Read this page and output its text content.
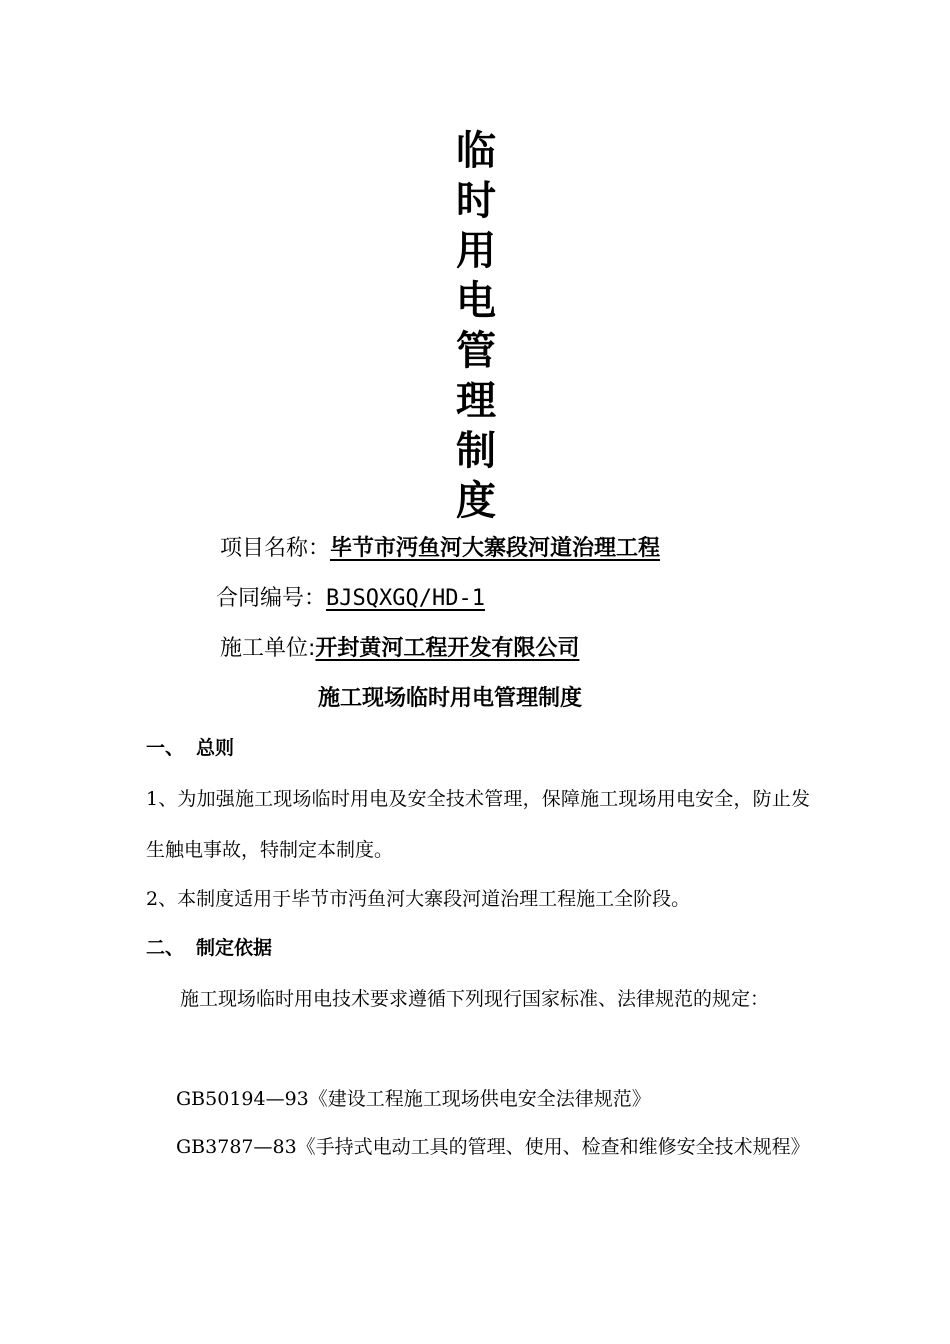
临
时
用
电
管
理
制
度
项目名称：毕节市沔鱼河大寨段河道治理工程
合同编号：BJSQXGQ/HD-1
施工单位:开封黄河工程开发有限公司
施工现场临时用电管理制度
一、 总则
1、为加强施工现场临时用电及安全技术管理，保障施工现场用电安全，防止发生触电事故，特制定本制度。
2、本制度适用于毕节市沔鱼河大寨段河道治理工程施工全阶段。
二、 制定依据
施工现场临时用电技术要求遵循下列现行国家标准、法律规范的规定：
GB50194—93《建设工程施工现场供电安全法律规范》
GB3787—83《手持式电动工具的管理、使用、检查和维修安全技术规程》
